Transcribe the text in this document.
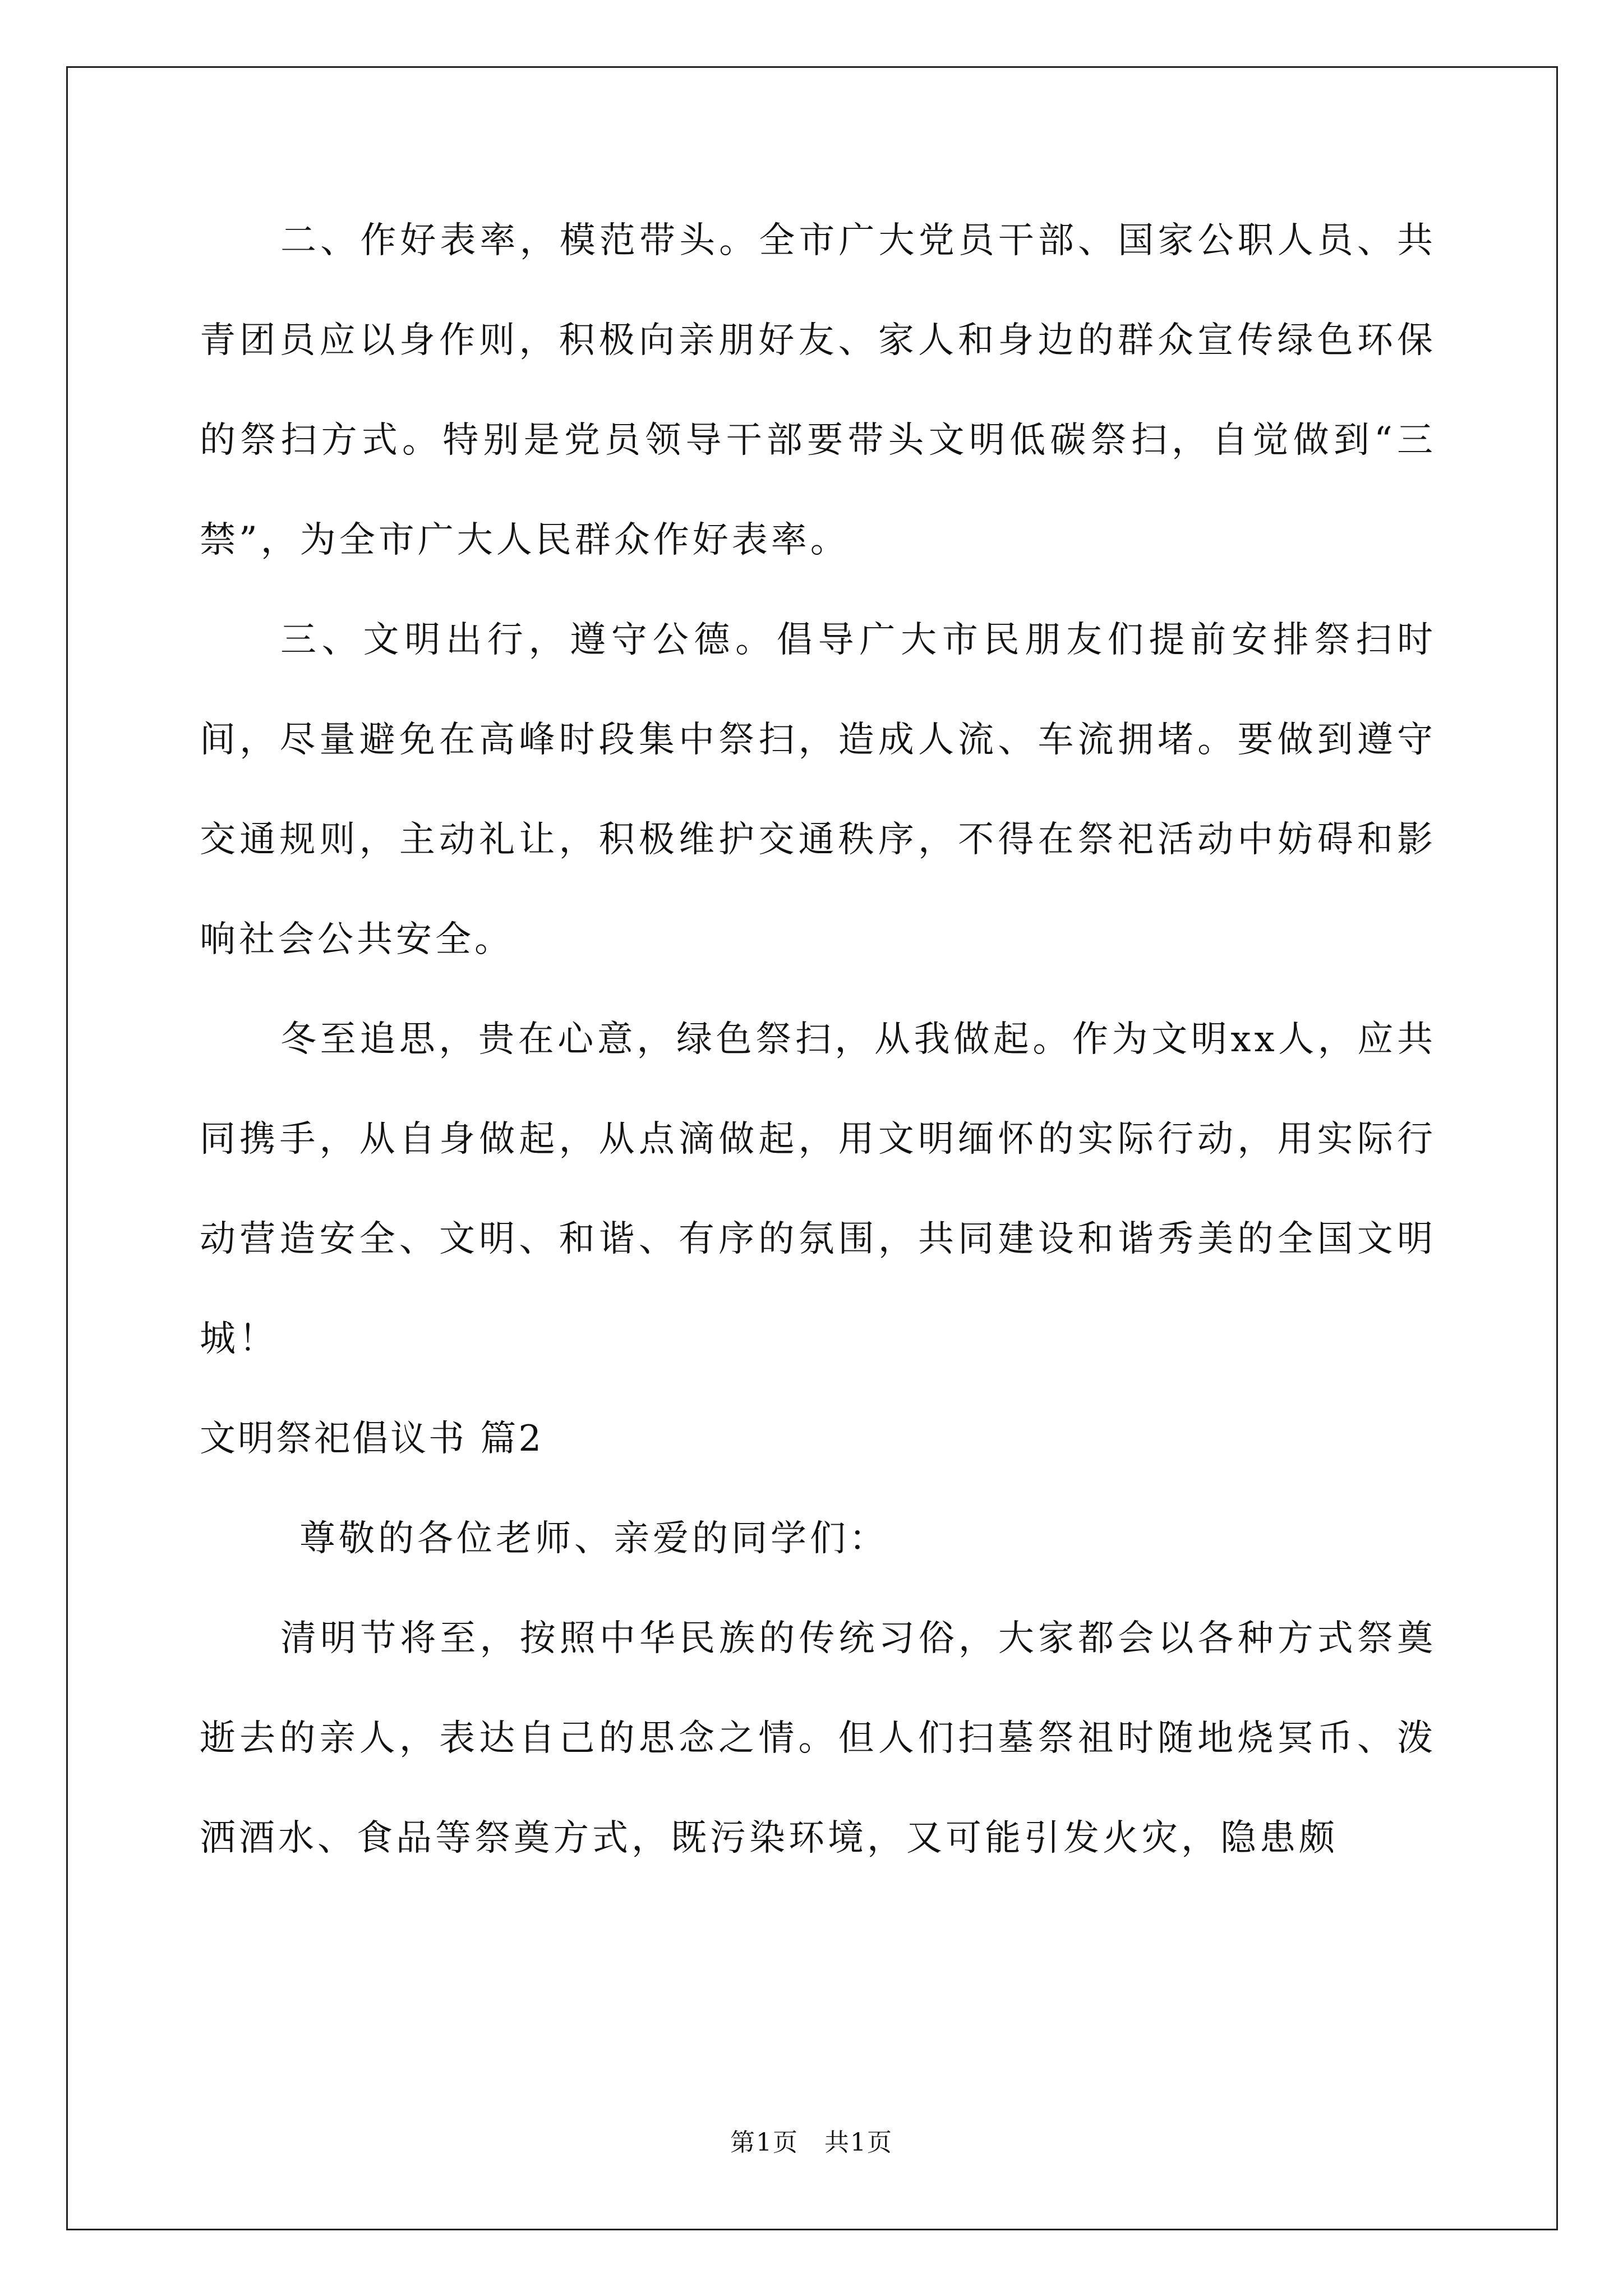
二、作好表率，模范带头。全市广大党员干部、国家公职人员、共青团员应以身作则，积极向亲朋好友、家人和身边的群众宣传绿色环保的祭扫方式。特别是党员领导干部要带头文明低碳祭扫，自觉做到“三禁”，为全市广大人民群众作好表率。

三、文明出行，遵守公德。倡导广大市民朋友们提前安排祭扫时间，尽量避免在高峰时段集中祭扫，造成人流、车流拥堵。要做到遵守交通规则，主动礼让，积极维护交通秩序，不得在祭祀活动中妨碍和影响社会公共安全。

冬至追思，贵在心意，绿色祭扫，从我做起。作为文明xx人，应共同携手，从自身做起，从点滴做起，用文明缅怀的实际行动，用实际行动营造安全、文明、和谐、有序的氛围，共同建设和谐秀美的全国文明城！

文明祭祀倡议书 篇2

尊敬的各位老师、亲爱的同学们：

清明节将至，按照中华民族的传统习俗，大家都会以各种方式祭奠逝去的亲人，表达自己的思念之情。但人们扫墓祭祖时随地烧冥币、泼洒酒水、食品等祭奠方式，既污染环境，又可能引发火灾，隐患颇

第1页　共1页
